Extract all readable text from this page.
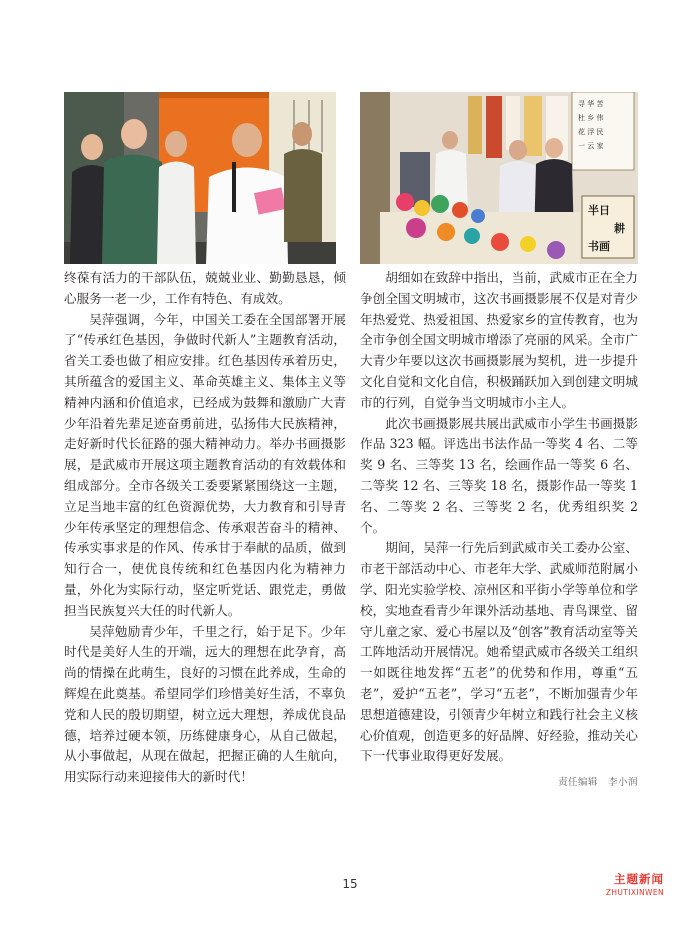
寻 华 苦
杜 乡 伟
花 浮 民
一 云 家
半日
耕
书画

终葆有活力的干部队伍，兢兢业业、勤勤恳恳，倾心服务一老一少，工作有特色、有成效。

吴萍强调，今年，中国关工委在全国部署开展了“传承红色基因，争做时代新人”主题教育活动，省关工委也做了相应安排。红色基因传承着历史，其所蕴含的爱国主义、革命英雄主义、集体主义等精神内涵和价值追求，已经成为鼓舞和激励广大青少年沿着先辈足迹奋勇前进，弘扬伟大民族精神，走好新时代长征路的强大精神动力。举办书画摄影展，是武威市开展这项主题教育活动的有效载体和组成部分。全市各级关工委要紧紧围绕这一主题，立足当地丰富的红色资源优势，大力教育和引导青少年传承坚定的理想信念、传承艰苦奋斗的精神、传承实事求是的作风、传承甘于奉献的品质，做到知行合一，使优良传统和红色基因内化为精神力量，外化为实际行动，坚定听党话、跟党走，勇做担当民族复兴大任的时代新人。

吴萍勉励青少年，千里之行，始于足下。少年时代是美好人生的开端，远大的理想在此孕育，高尚的情操在此萌生，良好的习惯在此养成，生命的辉煌在此奠基。希望同学们珍惜美好生活，不辜负党和人民的殷切期望，树立远大理想，养成优良品德，培养过硬本领，历练健康身心，从自己做起，从小事做起，从现在做起，把握正确的人生航向，用实际行动来迎接伟大的新时代！

胡细如在致辞中指出，当前，武威市正在全力争创全国文明城市，这次书画摄影展不仅是对青少年热爱党、热爱祖国、热爱家乡的宣传教育，也为全市争创全国文明城市增添了亮丽的风采。全市广大青少年要以这次书画摄影展为契机，进一步提升文化自觉和文化自信，积极踊跃加入到创建文明城市的行列，自觉争当文明城市小主人。

此次书画摄影展共展出武威市小学生书画摄影作品 323 幅。评选出书法作品一等奖 4 名、二等奖 9 名、三等奖 13 名，绘画作品一等奖 6 名、二等奖 12 名、三等奖 18 名，摄影作品一等奖 1 名、二等奖 2 名、三等奖 2 名，优秀组织奖 2 个。

期间，吴萍一行先后到武威市关工委办公室、市老干部活动中心、市老年大学、武威师范附属小学、阳光实验学校、凉州区和平街小学等单位和学校，实地查看青少年课外活动基地、青鸟课堂、留守儿童之家、爱心书屋以及“创客”教育活动室等关工阵地活动开展情况。她希望武威市各级关工组织一如既往地发挥“五老”的优势和作用，尊重“五老”，爱护“五老”，学习“五老”，不断加强青少年思想道德建设，引领青少年树立和践行社会主义核心价值观，创造更多的好品牌、好经验，推动关心下一代事业取得更好发展。

责任编辑　李小润
15	主题新闻
ZHUTIXINWEN
